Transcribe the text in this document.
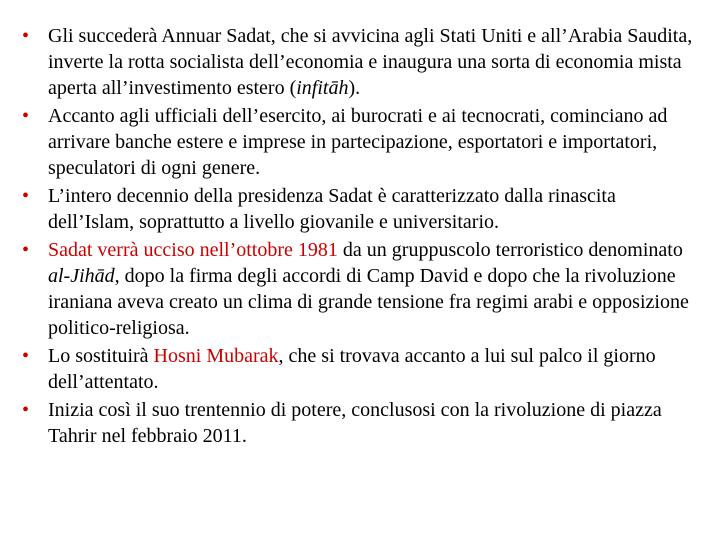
• Gli succederà Annuar Sadat, che si avvicina agli Stati Uniti e all’Arabia Saudita, inverte la rotta socialista dell’economia e inaugura una sorta di economia mista aperta all’investimento estero (infitāh).
• Accanto agli ufficiali dell’esercito, ai burocrati e ai tecnocrati, cominciano ad arrivare banche estere e imprese in partecipazione, esportatori e importatori, speculatori di ogni genere.
• L’intero decennio della presidenza Sadat è caratterizzato dalla rinascita dell’Islam, soprattutto a livello giovanile e universitario.
• Sadat verrà ucciso nell’ottobre 1981 da un gruppuscolo terroristico denominato al-Jihād, dopo la firma degli accordi di Camp David e dopo che la rivoluzione iraniana aveva creato un clima di grande tensione fra regimi arabi e opposizione politico-religiosa.
• Lo sostituirà Hosni Mubarak, che si trovava accanto a lui sul palco il giorno dell’attentato.
• Inizia così il suo trentennio di potere, conclusosi con la rivoluzione di piazza Tahrir nel febbraio 2011.
